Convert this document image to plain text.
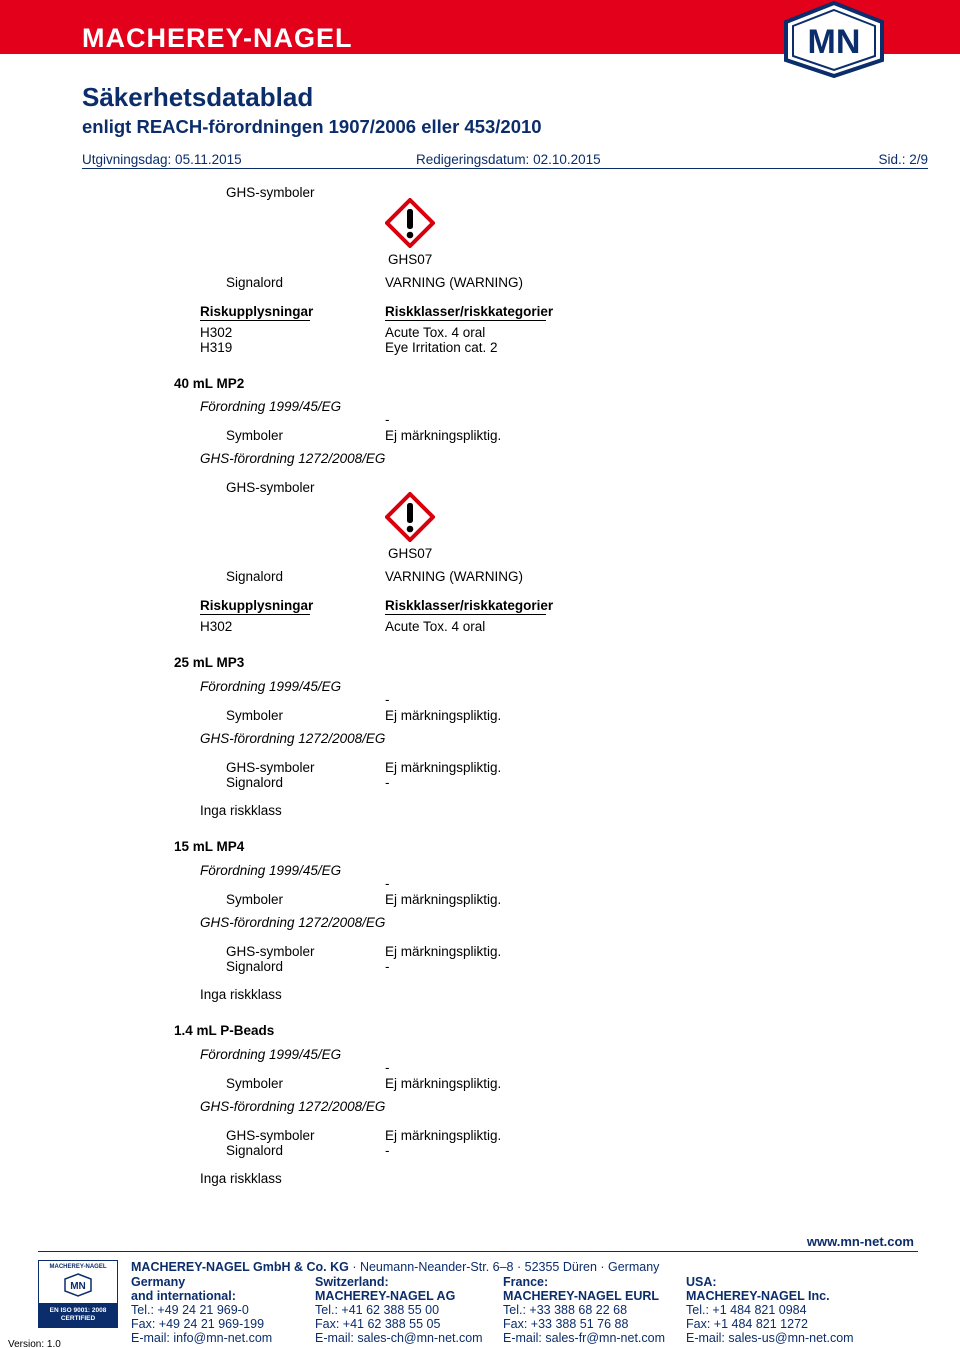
MACHEREY-NAGEL	MN
Säkerhetsdatablad
enligt REACH-förordningen 1907/2006 eller 453/2010
Utgivningsdag: 05.11.2015	Redigeringsdatum: 02.10.2015	Sid.: 2/9
GHS-symboler
GHS07
Signalord	VARNING (WARNING)
Riskupplysningar	Riskklasser/riskkategorier
H302	Acute Tox. 4 oral
H319	Eye Irritation cat. 2
40 mL MP2
Förordning 1999/45/EG
-
Symboler	Ej märkningspliktig.
GHS-förordning 1272/2008/EG
GHS-symboler
GHS07
Signalord	VARNING (WARNING)
Riskupplysningar	Riskklasser/riskkategorier
H302	Acute Tox. 4 oral
25 mL MP3
Förordning 1999/45/EG
-
Symboler	Ej märkningspliktig.
GHS-förordning 1272/2008/EG
GHS-symboler	Ej märkningspliktig.
Signalord	-
Inga riskklass
15 mL MP4
Förordning 1999/45/EG
-
Symboler	Ej märkningspliktig.
GHS-förordning 1272/2008/EG
GHS-symboler	Ej märkningspliktig.
Signalord	-
Inga riskklass
1.4 mL P-Beads
Förordning 1999/45/EG
-
Symboler	Ej märkningspliktig.
GHS-förordning 1272/2008/EG
GHS-symboler	Ej märkningspliktig.
Signalord	-
Inga riskklass
www.mn-net.com
MACHEREY-NAGEL
MN
EN ISO 9001: 2008
CERTIFIED
Version: 1.0
MACHEREY-NAGEL GmbH & Co. KG · Neumann-Neander-Str. 6–8 · 52355 Düren · Germany
Germany
and international:
Tel.: +49 24 21 969-0
Fax: +49 24 21 969-199
E-mail: info@mn-net.com
Switzerland:
MACHEREY-NAGEL AG
Tel.: +41 62 388 55 00
Fax: +41 62 388 55 05
E-mail: sales-ch@mn-net.com
France:
MACHEREY-NAGEL EURL
Tel.: +33 388 68 22 68
Fax: +33 388 51 76 88
E-mail: sales-fr@mn-net.com
USA:
MACHEREY-NAGEL Inc.
Tel.: +1 484 821 0984
Fax: +1 484 821 1272
E-mail: sales-us@mn-net.com
